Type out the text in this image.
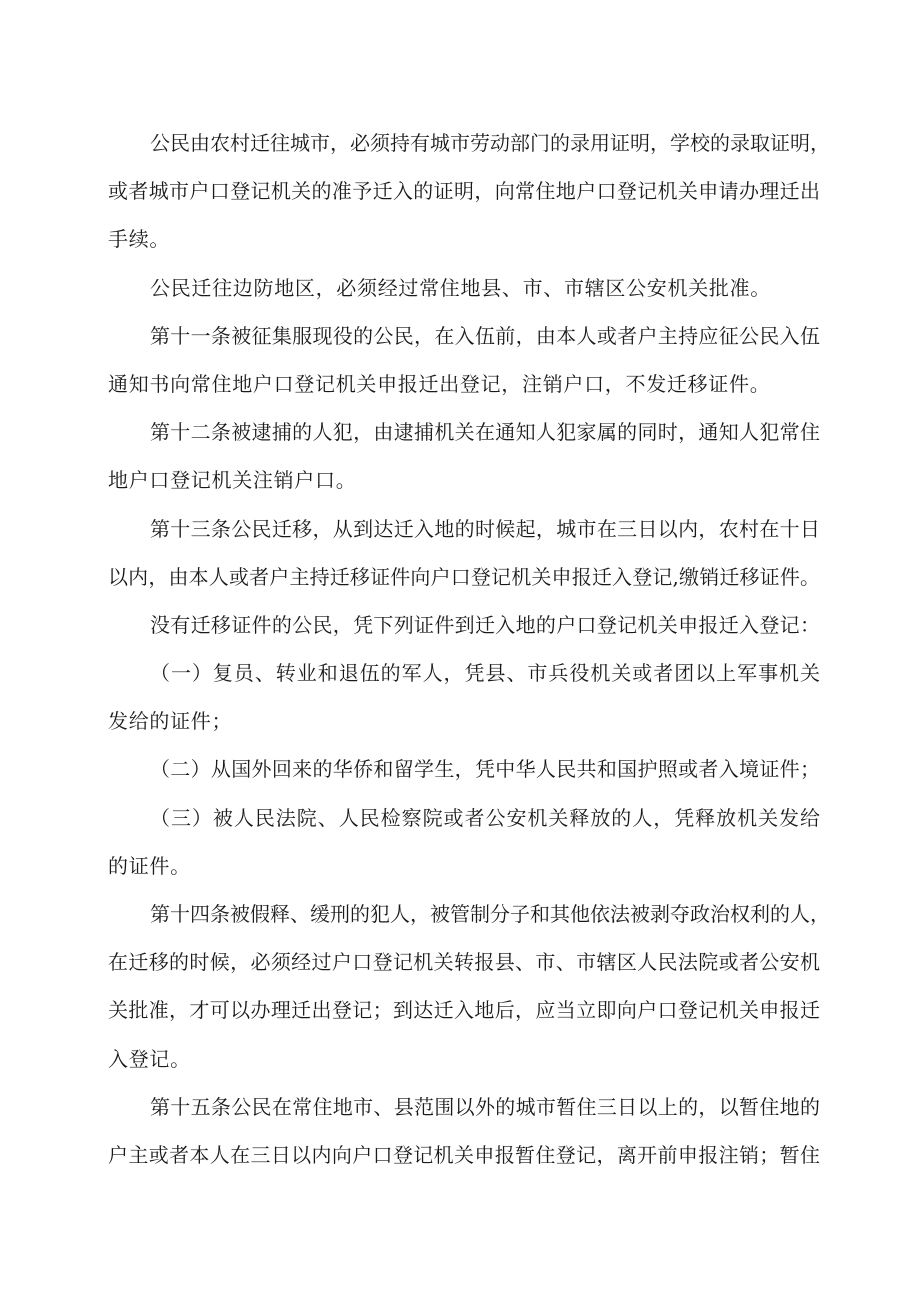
公民由农村迁往城市，必须持有城市劳动部门的录用证明，学校的录取证明，
或者城市户口登记机关的准予迁入的证明，向常住地户口登记机关申请办理迁出
手续。
公民迁往边防地区，必须经过常住地县、市、市辖区公安机关批准。
第十一条被征集服现役的公民，在入伍前，由本人或者户主持应征公民入伍
通知书向常住地户口登记机关申报迁出登记，注销户口，不发迁移证件。
第十二条被逮捕的人犯，由逮捕机关在通知人犯家属的同时，通知人犯常住
地户口登记机关注销户口。
第十三条公民迁移，从到达迁入地的时候起，城市在三日以内，农村在十日
以内，由本人或者户主持迁移证件向户口登记机关申报迁入登记,缴销迁移证件。
没有迁移证件的公民，凭下列证件到迁入地的户口登记机关申报迁入登记：
（一）复员、转业和退伍的军人，凭县、市兵役机关或者团以上军事机关
发给的证件；
（二）从国外回来的华侨和留学生，凭中华人民共和国护照或者入境证件；
（三）被人民法院、人民检察院或者公安机关释放的人，凭释放机关发给
的证件。
第十四条被假释、缓刑的犯人，被管制分子和其他依法被剥夺政治权利的人，
在迁移的时候，必须经过户口登记机关转报县、市、市辖区人民法院或者公安机
关批准，才可以办理迁出登记；到达迁入地后，应当立即向户口登记机关申报迁
入登记。
第十五条公民在常住地市、县范围以外的城市暂住三日以上的，以暂住地的
户主或者本人在三日以内向户口登记机关申报暂住登记，离开前申报注销；暂住
